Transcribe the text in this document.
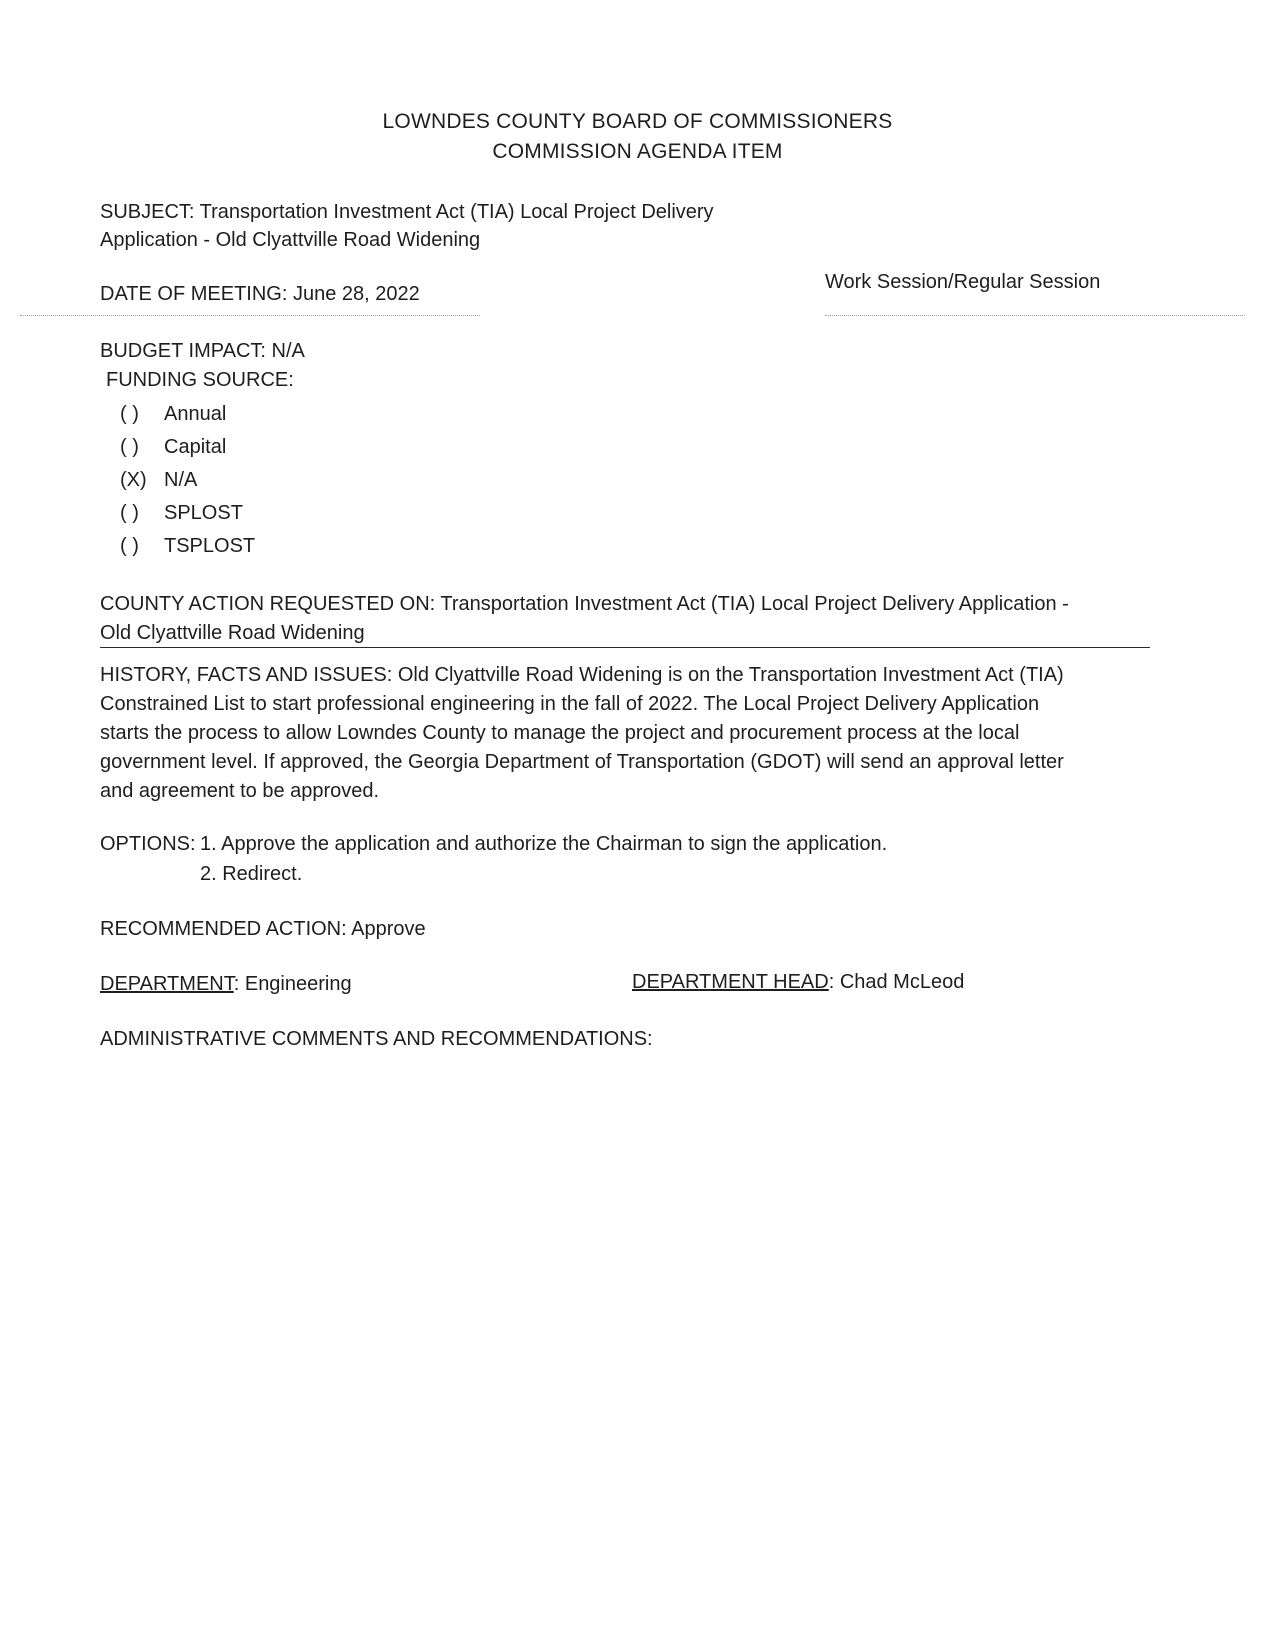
LOWNDES COUNTY BOARD OF COMMISSIONERS
COMMISSION AGENDA ITEM
SUBJECT: Transportation Investment Act (TIA) Local Project Delivery
Application - Old Clyattville Road Widening
DATE OF MEETING: June 28, 2022
Work Session/Regular Session
BUDGET IMPACT: N/A
FUNDING SOURCE:
( ) Annual
( ) Capital
(X) N/A
( ) SPLOST
( ) TSPLOST
COUNTY ACTION REQUESTED ON: Transportation Investment Act (TIA) Local Project Delivery Application -
Old Clyattville Road Widening
HISTORY, FACTS AND ISSUES: Old Clyattville Road Widening is on the Transportation Investment Act (TIA)
Constrained List to start professional engineering in the fall of 2022. The Local Project Delivery Application
starts the process to allow Lowndes County to manage the project and procurement process at the local
government level. If approved, the Georgia Department of Transportation (GDOT) will send an approval letter
and agreement to be approved.
OPTIONS: 1. Approve the application and authorize the Chairman to sign the application.
2. Redirect.
RECOMMENDED ACTION: Approve
DEPARTMENT: Engineering	DEPARTMENT HEAD: Chad McLeod
ADMINISTRATIVE COMMENTS AND RECOMMENDATIONS:
